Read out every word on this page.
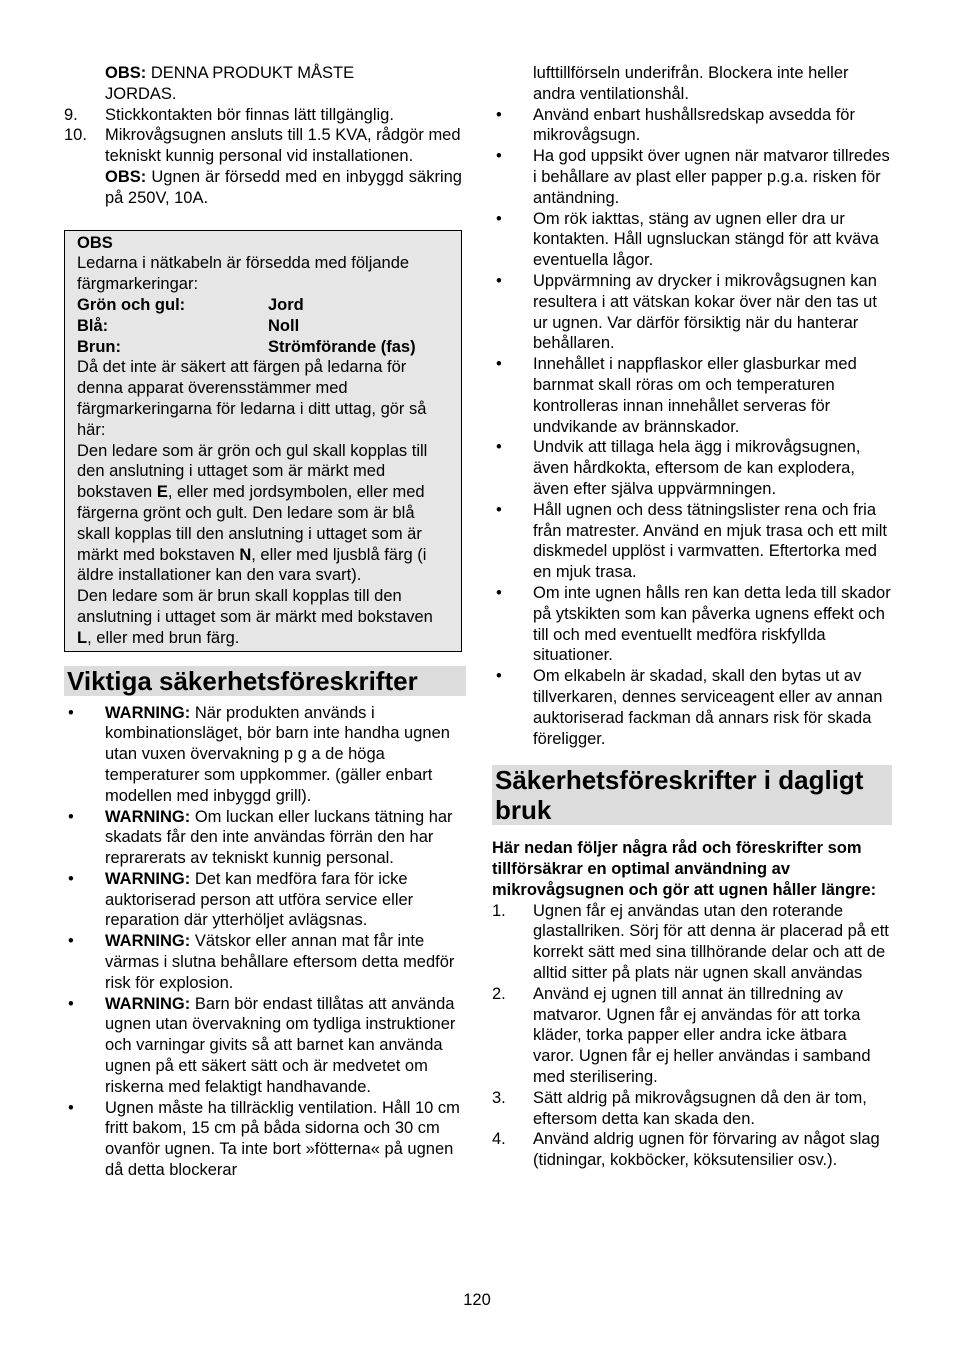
OBS: DENNA PRODUKT MÅSTE JORDAS.
9. Stickkontakten bör finnas lätt tillgänglig.
10. Mikrovågsugnen ansluts till 1.5 KVA, rådgör med tekniskt kunnig personal vid installationen.
OBS: Ugnen är försedd med en inbyggd säkring på 250V, 10A.
OBS
Ledarna i nätkabeln är försedda med följande färgmarkeringar:
Grön och gul:	Jord
Blå:	Noll
Brun:	Strömförande (fas)
Då det inte är säkert att färgen på ledarna för denna apparat överensstämmer med färgmarkeringarna för ledarna i ditt uttag, gör så här:
Den ledare som är grön och gul skall kopplas till den anslutning i uttaget som är märkt med bokstaven E, eller med jordsymbolen, eller med färgerna grönt och gult. Den ledare som är blå skall kopplas till den anslutning i uttaget som är märkt med bokstaven N, eller med ljusblå färg (i äldre installationer kan den vara svart).
Den ledare som är brun skall kopplas till den anslutning i uttaget som är märkt med bokstaven L, eller med brun färg.
Viktiga säkerhetsföreskrifter
• WARNING: När produkten används i kombinationsläget, bör barn inte handha ugnen utan vuxen övervakning p g a de höga temperaturer som uppkommer. (gäller enbart modellen med inbyggd grill).
• WARNING: Om luckan eller luckans tätning har skadats får den inte användas förrän den har reprarerats av tekniskt kunnig personal.
• WARNING: Det kan medföra fara för icke auktoriserad person att utföra service eller reparation där ytterhöljet avlägsnas.
• WARNING: Vätskor eller annan mat får inte värmas i slutna behållare eftersom detta medför risk för explosion.
• WARNING: Barn bör endast tillåtas att använda ugnen utan övervakning om tydliga instruktioner och varningar givits så att barnet kan använda ugnen på ett säkert sätt och är medvetet om riskerna med felaktigt handhavande.
• Ugnen måste ha tillräcklig ventilation. Håll 10 cm fritt bakom, 15 cm på båda sidorna och 30 cm ovanför ugnen. Ta inte bort »fötterna« på ugnen då detta blockerar
lufttillförseln underifrån. Blockera inte heller andra ventilationshål.
• Använd enbart hushållsredskap avsedda för mikrovågsugn.
• Ha god uppsikt över ugnen när matvaror tillredes i behållare av plast eller papper p.g.a. risken för antändning.
• Om rök iakttas, stäng av ugnen eller dra ur kontakten. Håll ugnsluckan stängd för att kväva eventuella lågor.
• Uppvärmning av drycker i mikrovågsugnen kan resultera i att vätskan kokar över när den tas ut ur ugnen. Var därför försiktig när du hanterar behållaren.
• Innehållet i nappflaskor eller glasburkar med barnmat skall röras om och temperaturen kontrolleras innan innehållet serveras för undvikande av brännskador.
• Undvik att tillaga hela ägg i mikrovågsugnen, även hårdkokta, eftersom de kan explodera, även efter själva uppvärmningen.
• Håll ugnen och dess tätningslister rena och fria från matrester. Använd en mjuk trasa och ett milt diskmedel upplöst i varmvatten. Eftertorka med en mjuk trasa.
• Om inte ugnen hålls ren kan detta leda till skador på ytskikten som kan påverka ugnens effekt och till och med eventuellt medföra riskfyllda situationer.
• Om elkabeln är skadad, skall den bytas ut av tillverkaren, dennes serviceagent eller av annan auktoriserad fackman då annars risk för skada föreligger.
Säkerhetsföreskrifter i dagligt bruk
Här nedan följer några råd och föreskrifter som tillförsäkrar en optimal användning av mikrovågsugnen och gör att ugnen håller längre:
1. Ugnen får ej användas utan den roterande glastallriken. Sörj för att denna är placerad på ett korrekt sätt med sina tillhörande delar och att de alltid sitter på plats när ugnen skall användas
2. Använd ej ugnen till annat än tillredning av matvaror. Ugnen får ej användas för att torka kläder, torka papper eller andra icke ätbara varor. Ugnen får ej heller användas i samband med sterilisering.
3. Sätt aldrig på mikrovågsugnen då den är tom, eftersom detta kan skada den.
4. Använd aldrig ugnen för förvaring av något slag (tidningar, kokböcker, köksutensilier osv.).
120
